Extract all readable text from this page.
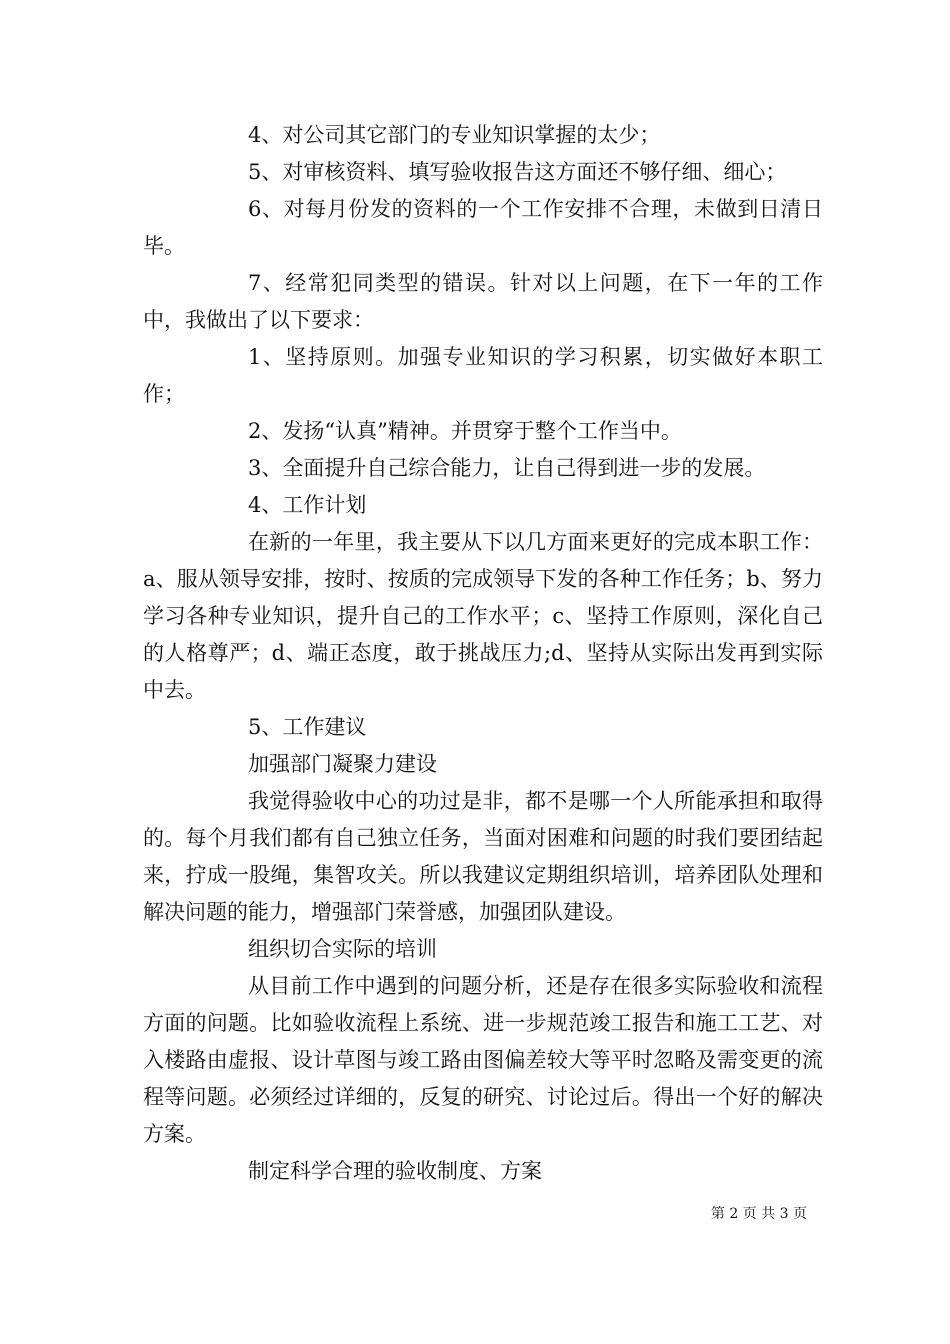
4、对公司其它部门的专业知识掌握的太少；

5、对审核资料、填写验收报告这方面还不够仔细、细心；

6、对每月份发的资料的一个工作安排不合理，未做到日清日毕。

7、经常犯同类型的错误。针对以上问题，在下一年的工作中，我做出了以下要求：

1、坚持原则。加强专业知识的学习积累，切实做好本职工作；

2、发扬“认真”精神。并贯穿于整个工作当中。

3、全面提升自己综合能力，让自己得到进一步的发展。

4、工作计划

在新的一年里，我主要从下以几方面来更好的完成本职工作：a、服从领导安排，按时、按质的完成领导下发的各种工作任务；b、努力学习各种专业知识，提升自己的工作水平；c、坚持工作原则，深化自己的人格尊严；d、端正态度，敢于挑战压力;d、坚持从实际出发再到实际中去。

5、工作建议

加强部门凝聚力建设

我觉得验收中心的功过是非，都不是哪一个人所能承担和取得的。每个月我们都有自己独立任务，当面对困难和问题的时我们要团结起来，拧成一股绳，集智攻关。所以我建议定期组织培训，培养团队处理和解决问题的能力，增强部门荣誉感，加强团队建设。

组织切合实际的培训

从目前工作中遇到的问题分析，还是存在很多实际验收和流程方面的问题。比如验收流程上系统、进一步规范竣工报告和施工工艺、对入楼路由虚报、设计草图与竣工路由图偏差较大等平时忽略及需变更的流程等问题。必须经过详细的，反复的研究、讨论过后。得出一个好的解决方案。

制定科学合理的验收制度、方案

第 2 页 共 3 页
